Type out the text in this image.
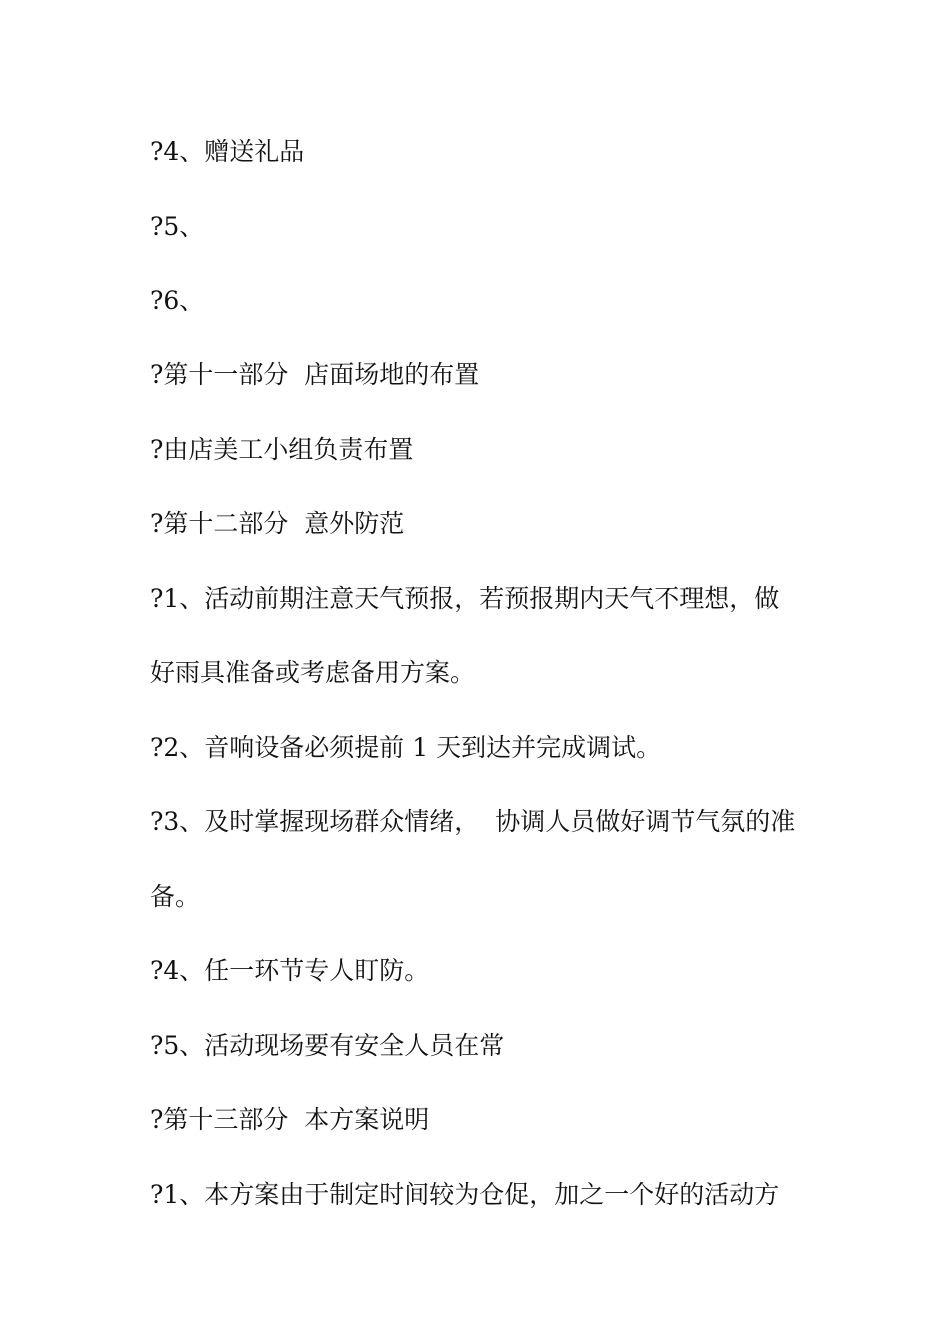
?4、赠送礼品
?5、
?6、
?第十一部分  店面场地的布置
?由店美工小组负责布置
?第十二部分  意外防范
?1、活动前期注意天气预报，若预报期内天气不理想，做
好雨具准备或考虑备用方案。
?2、音响设备必须提前 1 天到达并完成调试。
?3、及时掌握现场群众情绪，  协调人员做好调节气氛的准
备。
?4、任一环节专人盯防。
?5、活动现场要有安全人员在常
?第十三部分  本方案说明
?1、本方案由于制定时间较为仓促，加之一个好的活动方
